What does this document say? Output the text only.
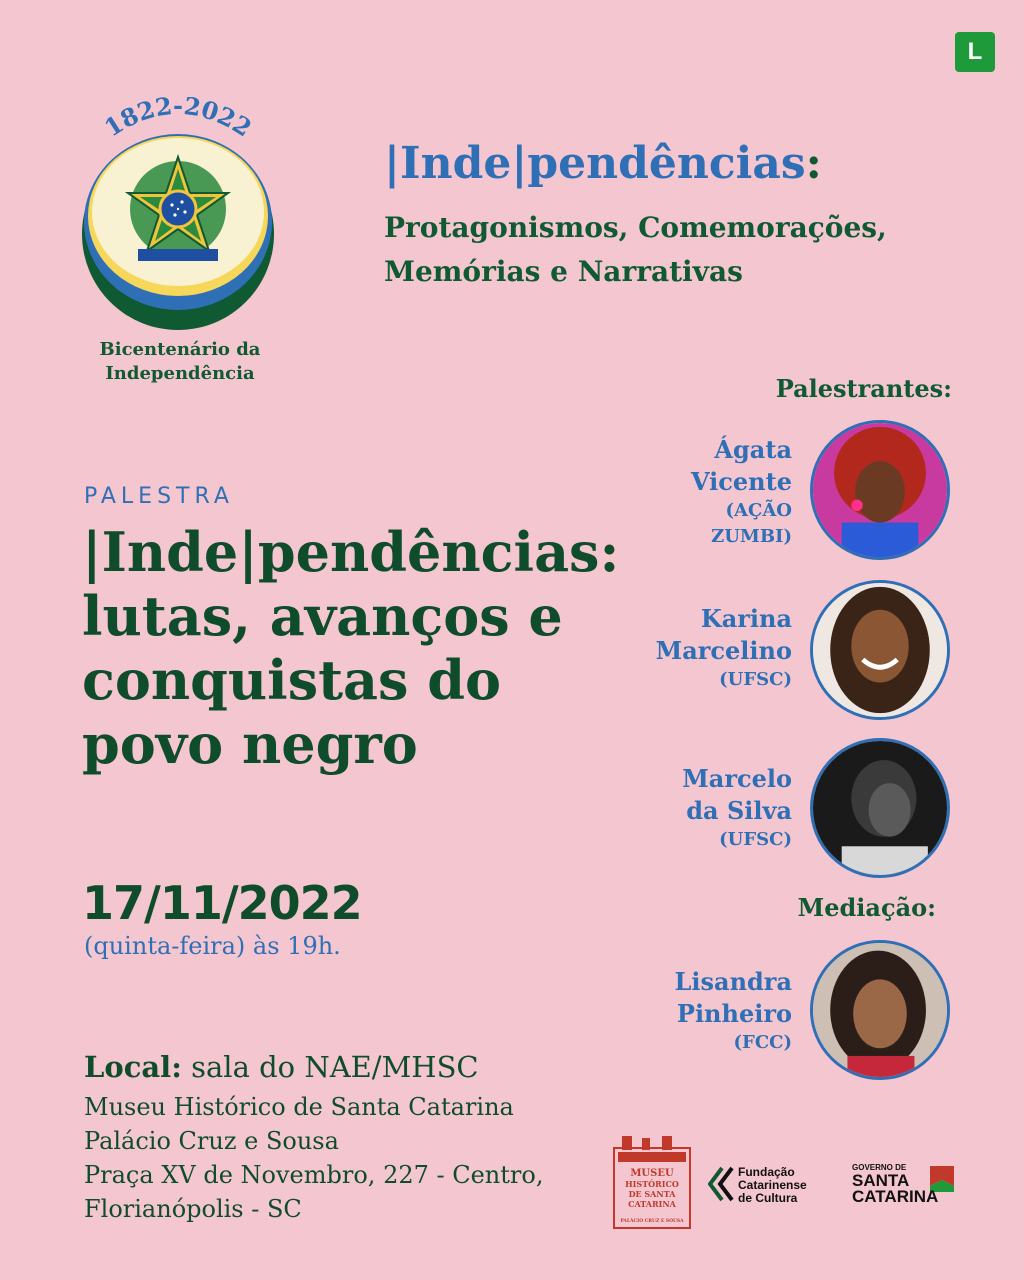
L
1822-2022
Bicentenário da
Independência
|Inde|pendências:
Protagonismos, Comemorações,
Memórias e Narrativas
Palestrantes:
Ágata
Vicente
(AÇÃO
ZUMBI)
Karina
Marcelino
(UFSC)
Marcelo
da Silva
(UFSC)
Mediação:
Lisandra
Pinheiro
(FCC)
PALESTRA
|Inde|pendências:
lutas, avanços e
conquistas do
povo negro
17/11/2022
(quinta-feira) às 19h.
Local: sala do NAE/MHSC
Museu Histórico de Santa Catarina
Palácio Cruz e Sousa
Praça XV de Novembro, 227 - Centro,
Florianópolis - SC
MUSEU
HISTÓRICO
DE SANTA
CATARINA
PALÁCIO CRUZ E SOUSA
Fundação
Catarinense
de Cultura
GOVERNO DE
SANTA
CATARINA
